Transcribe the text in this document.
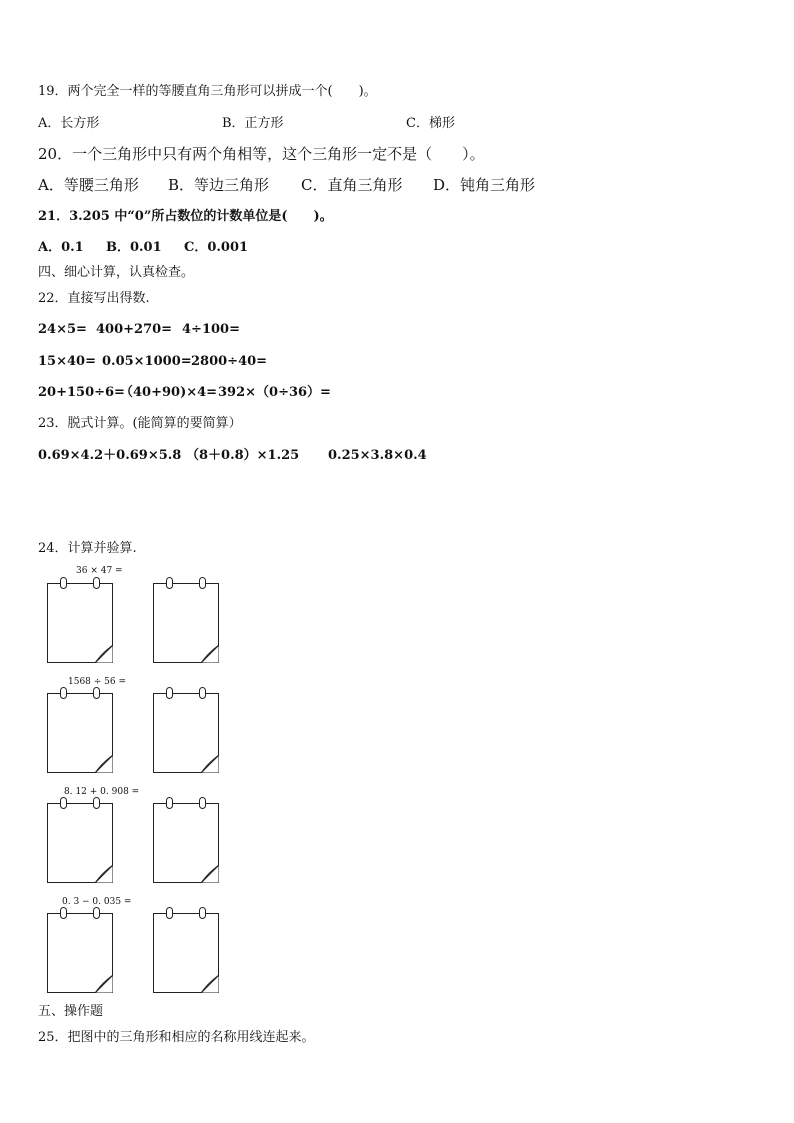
19．两个完全一样的等腰直角三角形可以拼成一个(　　)。
A．长方形	B．正方形	C．梯形
20．一个三角形中只有两个角相等，这个三角形一定不是（　　）。
A．等腰三角形 B．等边三角形 C．直角三角形 D．钝角三角形
21．3.205 中“0”所占数位的计数单位是(　　)。
A．0.1 B．0.01 C．0.001
四、细心计算，认真检查。
22．直接写出得数.
24×5= 400+270= 4÷100=
15×40= 0.05×1000= 2800÷40=
20+150÷6=
（40+90)×4= 392×（0÷36）=
23．脱式计算。(能简算的要简算）
0.69×4.2＋0.69×5.8 （8＋0.8）×1.25 0.25×3.8×0.4
24．计算并验算.
36 × 47 =
1568 ÷ 56 =
8. 12 + 0. 908 =
0. 3 − 0. 035 =
五、操作题
25．把图中的三角形和相应的名称用线连起来。
